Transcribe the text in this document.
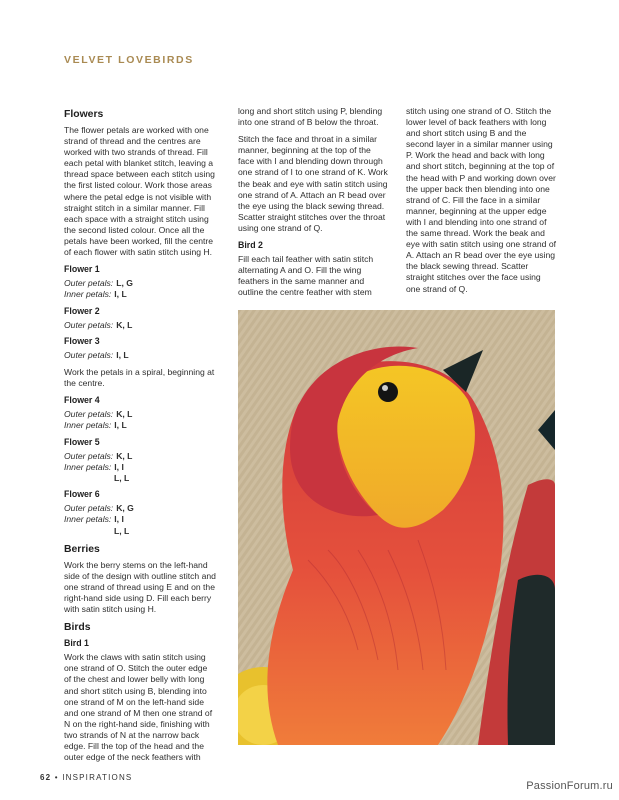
VELVET LOVEBIRDS
Flowers

The flower petals are worked with one strand of thread and the centres are worked with two strands of thread. Fill each petal with blanket stitch, leaving a thread space between each stitch using the first listed colour. Work those areas where the petal edge is not visible with straight stitch in a similar manner. Fill each space with a straight stitch using the second listed colour. Once all the petals have been worked, fill the centre of each flower with satin stitch using H.

Flower 1
Outer petals: L, G
Inner petals: I, L
Flower 2
Outer petals: K, L
Flower 3
Outer petals: I, L

Work the petals in a spiral, beginning at the centre.

Flower 4
Outer petals: K, L
Inner petals: I, L
Flower 5
Outer petals: K, L
Inner petals: I, I
L, L
Flower 6
Outer petals: K, G
Inner petals: I, I
L, L
Berries

Work the berry stems on the left-hand side of the design with outline stitch and one strand of thread using E and on the right-hand side using D. Fill each berry with satin stitch using H.

Birds
Bird 1

Work the claws with satin stitch using one strand of O. Stitch the outer edge of the chest and lower belly with long and short stitch using B, blending into one strand of M on the left-hand side and one strand of M then one strand of N on the right-hand side, finishing with two strands of N at the narrow back edge. Fill the top of the head and the outer edge of the neck feathers with

long and short stitch using P, blending into one strand of B below the throat.

Stitch the face and throat in a similar manner, beginning at the top of the face with I and blending down through one strand of I to one strand of K. Work the beak and eye with satin stitch using one strand of A. Attach an R bead over the eye using the black sewing thread. Scatter straight stitches over the throat using one strand of Q.

Bird 2

Fill each tail feather with satin stitch alternating A and O. Fill the wing feathers in the same manner and outline the centre feather with stem

stitch using one strand of O. Stitch the lower level of back feathers with long and short stitch using B and the second layer in a similar manner using P. Work the head and back with long and short stitch, beginning at the top of the head with P and working down over the upper back then blending into one strand of C. Fill the face in a similar manner, beginning at the upper edge with I and blending into one strand of the same thread. Work the beak and eye with satin stitch using one strand of A. Attach an R bead over the eye using the black sewing thread. Scatter straight stitches over the face using one strand of Q.

62 • INSPIRATIONS
PassionForum.ru
